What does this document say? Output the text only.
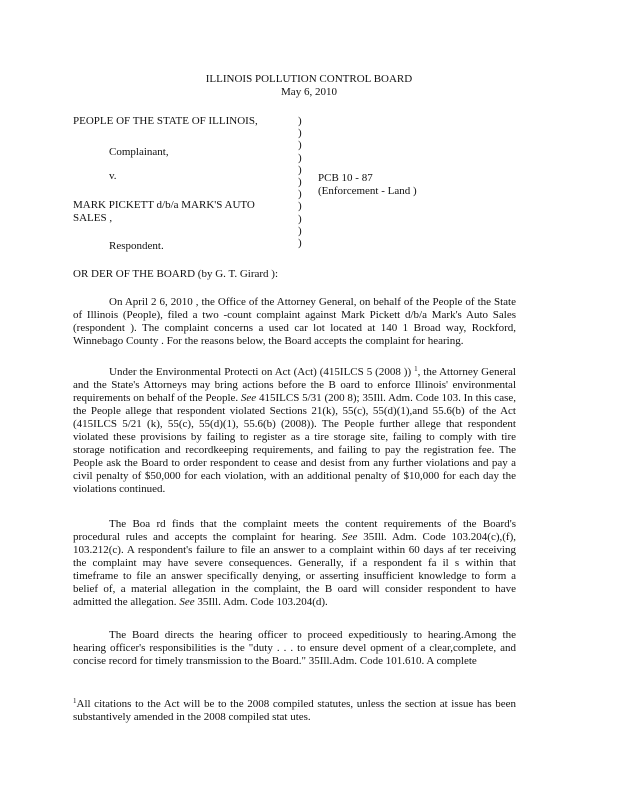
ILLINOIS POLLUTION CONTROL BOARD
May 6, 2010
PEOPLE OF THE STATE OF ILLINOIS,
Complainant,
v.
MARK PICKETT d/b/a MARK'S AUTO
SALES ,
Respondent.
)
)
)
)
)
)
)
)
)
)
)
PCB 10 - 87
(Enforcement - Land )
OR DER OF THE BOARD (by G. T. Girard ):
On April 2 6, 2010 , the Office of the Attorney General, on behalf of the People of the State of Illinois (People), filed a two -count complaint against Mark Pickett d/b/a Mark's Auto Sales (respondent ). The complaint concerns a used car lot located at 140 1 Broad way, Rockford, Winnebago County . For the reasons below, the Board accepts the complaint for hearing.
Under the Environmental Protecti on Act (Act) (415ILCS 5 (2008 )) $^1$, the Attorney General and the State's Attorneys may bring actions before the B oard to enforce Illinois' environmental requirements on behalf of the People. See 415ILCS 5/31 (200 8); 35Ill. Adm. Code 103. In this case, the People allege that respondent violated Sections 21(k), 55(c), 55(d)(1),and 55.6(b) of the Act (415ILCS 5/21 (k), 55(c), 55(d)(1), 55.6(b) (2008)). The People further allege that respondent violated these provisions by failing to register as a tire storage site, failing to comply with tire storage notification and recordkeeping requirements, and failing to pay the registration fee. The People ask the Board to order respondent to cease and desist from any further violations and pay a civil penalty of $50,000 for each violation, with an additional penalty of $10,000 for each day the violations continued.
The Boa rd finds that the complaint meets the content requirements of the Board's procedural rules and accepts the complaint for hearing. See 35Ill. Adm. Code 103.204(c),(f), 103.212(c). A respondent's failure to file an answer to a complaint within 60 days af ter receiving the complaint may have severe consequences. Generally, if a respondent fa il s within that timeframe to file an answer specifically denying, or asserting insufficient knowledge to form a belief of, a material allegation in the complaint, the B oard will consider respondent to have admitted the allegation. See 35Ill. Adm. Code 103.204(d).
The Board directs the hearing officer to proceed expeditiously to hearing.Among the hearing officer's responsibilities is the "duty . . . to ensure devel opment of a clear,complete, and concise record for timely transmission to the Board." 35Ill.Adm. Code 101.610. A complete
$^1$All citations to the Act will be to the 2008 compiled statutes, unless the section at issue has been substantively amended in the 2008 compiled stat utes.
